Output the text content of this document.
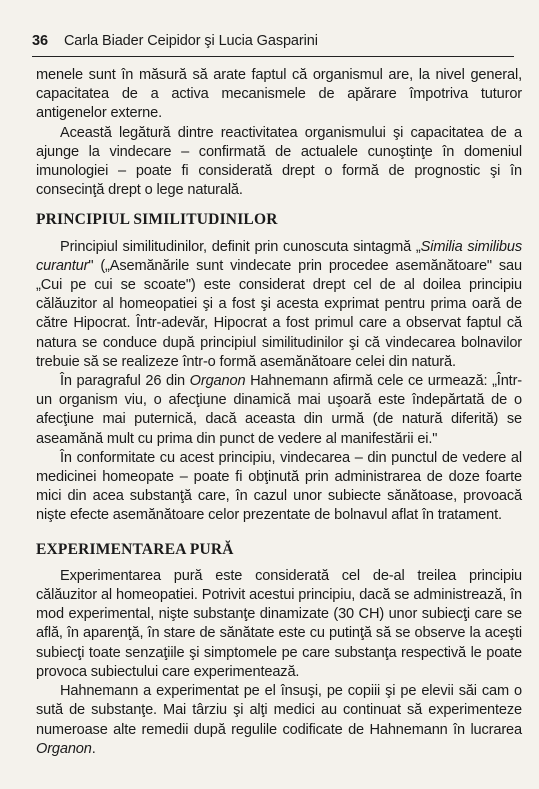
36 Carla Biader Ceipidor şi Lucia Gasparini

menele sunt în măsură să arate faptul că organismul are, la nivel general, capacitatea de a activa mecanismele de apărare împotriva tuturor antigenelor externe.

Această legătură dintre reactivitatea organismului şi capacitatea de a ajunge la vindecare – confirmată de actualele cunoştinţe în domeniul imunologiei – poate fi considerată drept o formă de prognostic şi în consecinţă drept o lege naturală.

PRINCIPIUL SIMILITUDINILOR

Principiul similitudinilor, definit prin cunoscuta sintagmă „Similia similibus curantur" („Asemănările sunt vindecate prin procedee asemănătoare" sau „Cui pe cui se scoate") este considerat drept cel de al doilea principiu călăuzitor al homeopatiei şi a fost şi acesta exprimat pentru prima oară de către Hipocrat. Într-adevăr, Hipocrat a fost primul care a observat faptul că natura se conduce după principiul similitudinilor şi că vindecarea bolnavilor trebuie să se realizeze într-o formă asemănătoare celei din natură.

În paragraful 26 din Organon Hahnemann afirmă cele ce urmează: „Într-un organism viu, o afecţiune dinamică mai uşoară este îndepărtată de o afecţiune mai puternică, dacă aceasta din urmă (de natură diferită) se aseamănă mult cu prima din punct de vedere al manifestării ei."

În conformitate cu acest principiu, vindecarea – din punctul de vedere al medicinei homeopate – poate fi obţinută prin administrarea de doze foarte mici din acea substanţă care, în cazul unor subiecte sănătoase, provoacă nişte efecte asemănătoare celor prezentate de bolnavul aflat în tratament.

EXPERIMENTAREA PURĂ

Experimentarea pură este considerată cel de-al treilea principiu călăuzitor al homeopatiei. Potrivit acestui principiu, dacă se administrează, în mod experimental, nişte substanţe dinamizate (30 CH) unor subiecţi care se află, în aparenţă, în stare de sănătate este cu putinţă să se observe la aceşti subiecţi toate senzaţiile şi simptomele pe care substanţa respectivă le poate provoca subiectului care experimentează.

Hahnemann a experimentat pe el însuşi, pe copiii şi pe elevii săi cam o sută de substanţe. Mai târziu şi alţi medici au continuat să experimenteze numeroase alte remedii după regulile codificate de Hahnemann în lucrarea Organon.
